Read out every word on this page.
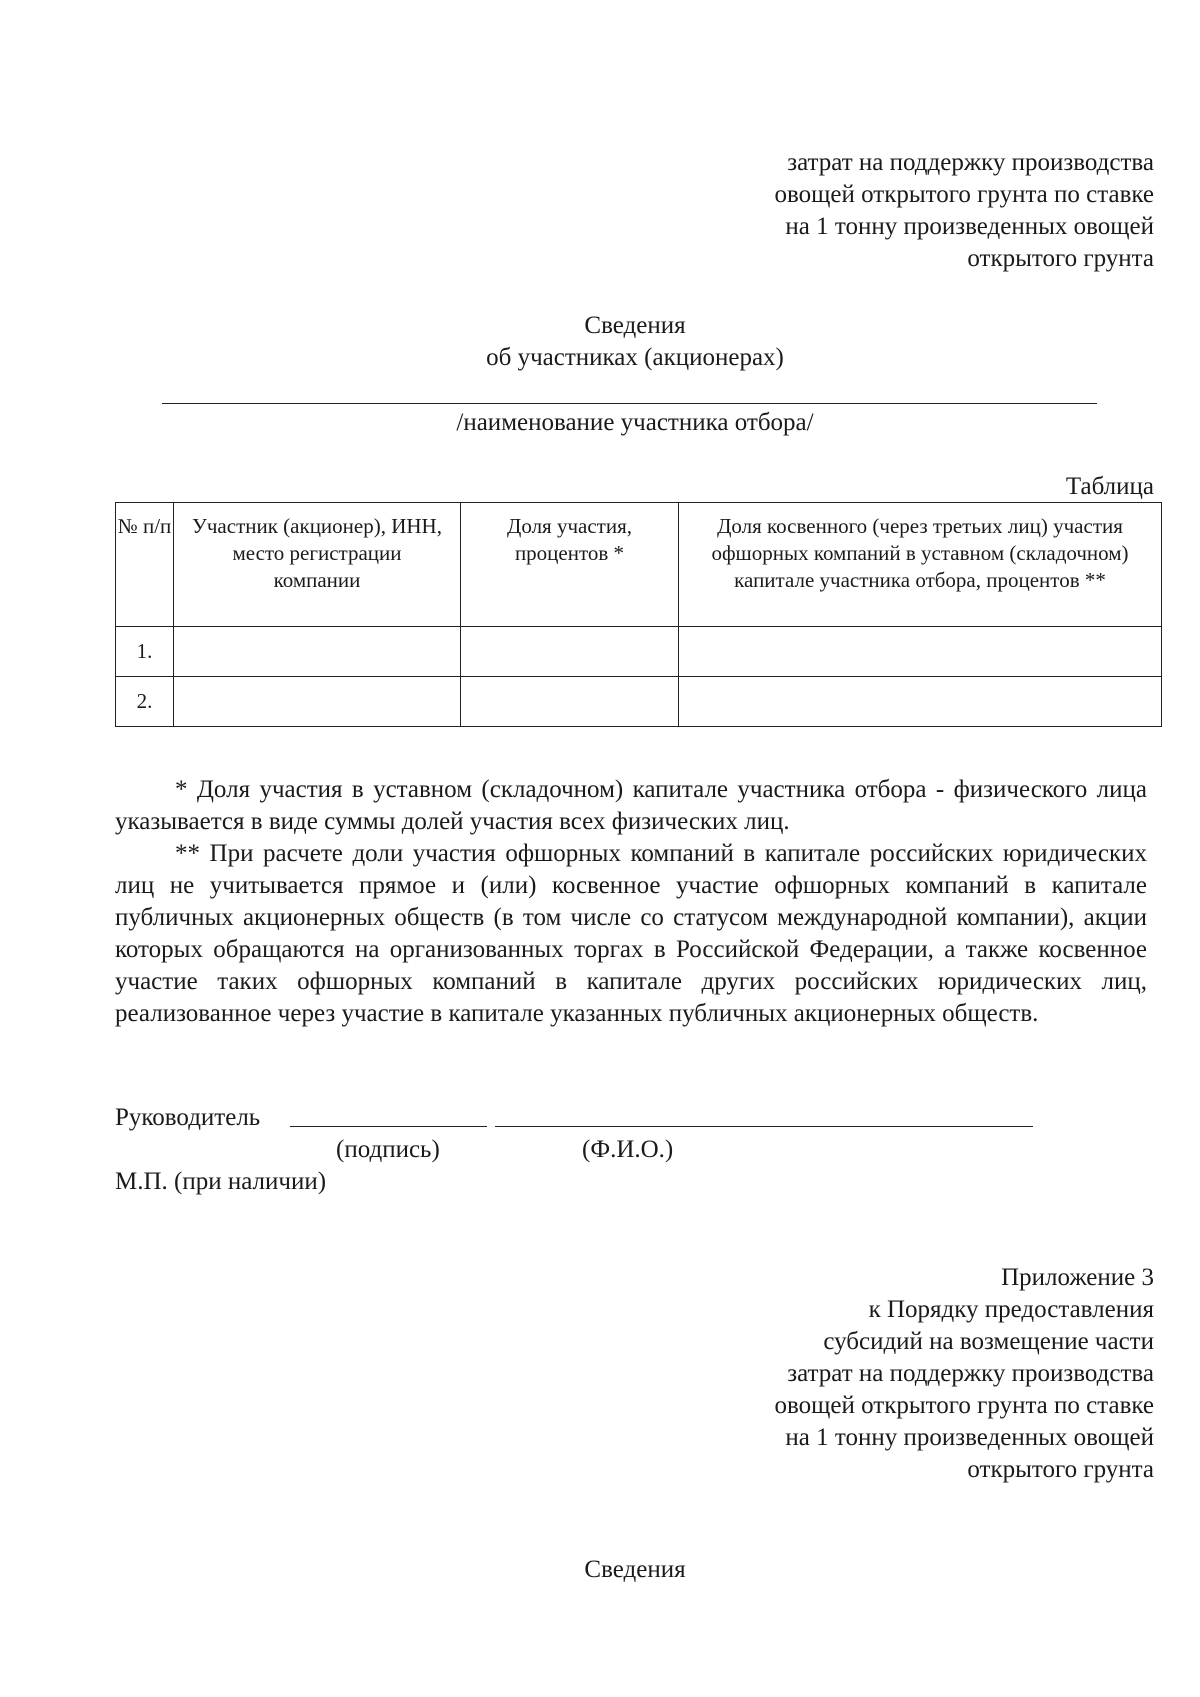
затрат на поддержку производства
овощей открытого грунта по ставке
на 1 тонну произведенных овощей
открытого грунта
Сведения
об участниках (акционерах)
/наименование участника отбора/
Таблица
№ п/п	Участник (акционер), ИНН, место регистрации компании	Доля участия, процентов *	Доля косвенного (через третьих лиц) участия офшорных компаний в уставном (складочном) капитале участника отбора, процентов **
1.			
2.			

* Доля участия в уставном (складочном) капитале участника отбора - физического лица указывается в виде суммы долей участия всех физических лиц.

** При расчете доли участия офшорных компаний в капитале российских юридических лиц не учитывается прямое и (или) косвенное участие офшорных компаний в капитале публичных акционерных обществ (в том числе со статусом международной компании), акции которых обращаются на организованных торгах в Российской Федерации, а также косвенное участие таких офшорных компаний в капитале других российских юридических лиц, реализованное через участие в капитале указанных публичных акционерных обществ.

Руководитель
(подпись)	(Ф.И.О.)
М.П. (при наличии)
Приложение 3
к Порядку предоставления
субсидий на возмещение части
затрат на поддержку производства
овощей открытого грунта по ставке
на 1 тонну произведенных овощей
открытого грунта
Сведения
